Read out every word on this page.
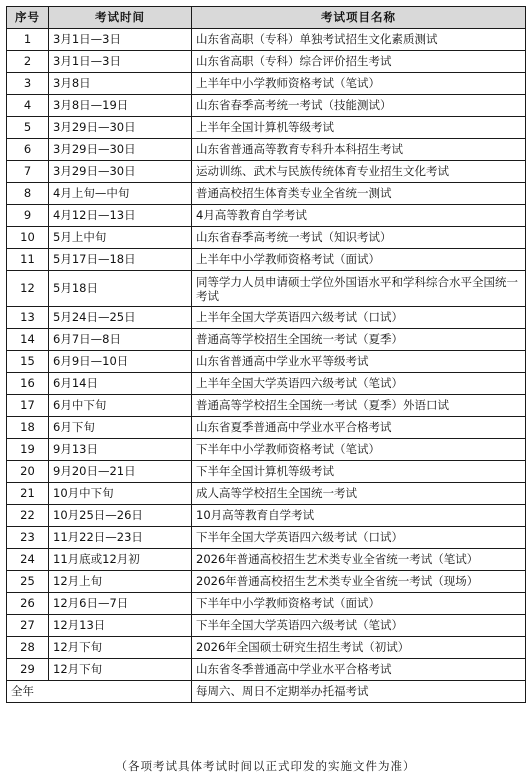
序号	考试时间	考试项目名称
1	3月1日—3日	山东省高职（专科）单独考试招生文化素质测试
2	3月1日—3日	山东省高职（专科）综合评价招生考试
3	3月8日	上半年中小学教师资格考试（笔试）
4	3月8日—19日	山东省春季高考统一考试（技能测试）
5	3月29日—30日	上半年全国计算机等级考试
6	3月29日—30日	山东省普通高等教育专科升本科招生考试
7	3月29日—30日	运动训练、武术与民族传统体育专业招生文化考试
8	4月上旬—中旬	普通高校招生体育类专业全省统一测试
9	4月12日—13日	4月高等教育自学考试
10	5月上中旬	山东省春季高考统一考试（知识考试）
11	5月17日—18日	上半年中小学教师资格考试（面试）
12	5月18日	同等学力人员申请硕士学位外国语水平和学科综合水平全国统一考试
13	5月24日—25日	上半年全国大学英语四六级考试（口试）
14	6月7日—8日	普通高等学校招生全国统一考试（夏季）
15	6月9日—10日	山东省普通高中学业水平等级考试
16	6月14日	上半年全国大学英语四六级考试（笔试）
17	6月中下旬	普通高等学校招生全国统一考试（夏季）外语口试
18	6月下旬	山东省夏季普通高中学业水平合格考试
19	9月13日	下半年中小学教师资格考试（笔试）
20	9月20日—21日	下半年全国计算机等级考试
21	10月中下旬	成人高等学校招生全国统一考试
22	10月25日—26日	10月高等教育自学考试
23	11月22日—23日	下半年全国大学英语四六级考试（口试）
24	11月底或12月初	2026年普通高校招生艺术类专业全省统一考试（笔试）
25	12月上旬	2026年普通高校招生艺术类专业全省统一考试（现场）
26	12月6日—7日	下半年中小学教师资格考试（面试）
27	12月13日	下半年全国大学英语四六级考试（笔试）
28	12月下旬	2026年全国硕士研究生招生考试（初试）
29	12月下旬	山东省冬季普通高中学业水平合格考试
全年		每周六、周日不定期举办托福考试
（各项考试具体考试时间以正式印发的实施文件为准）
